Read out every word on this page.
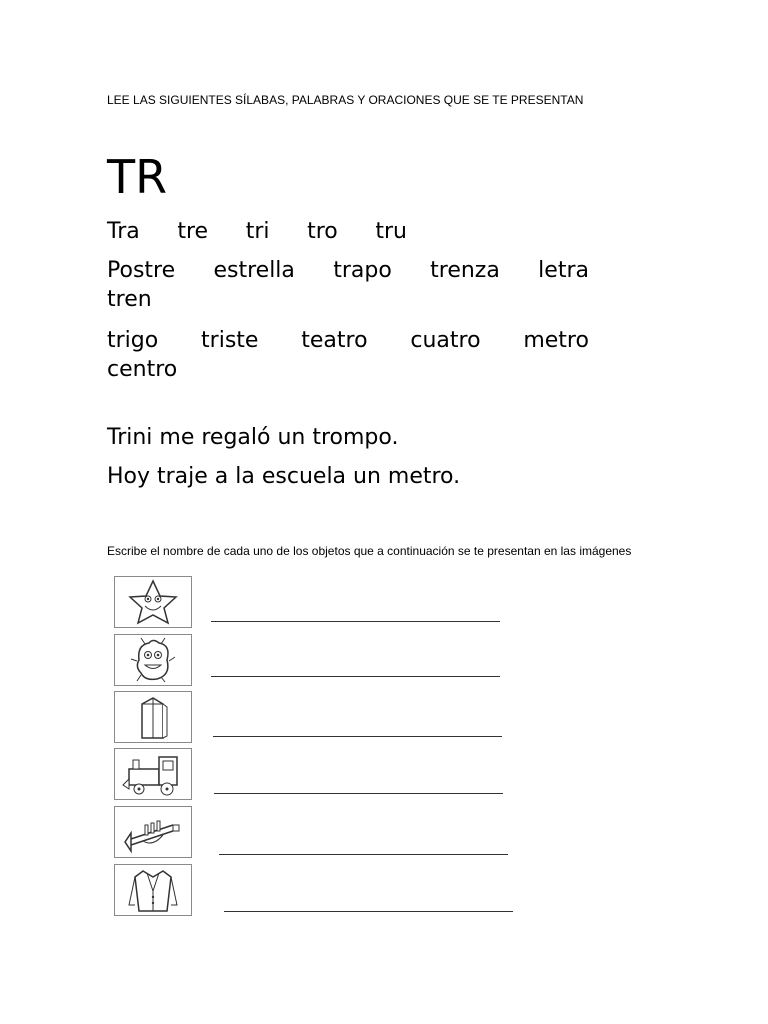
LEE LAS SIGUIENTES SÍLABAS, PALABRAS Y ORACIONES QUE SE TE PRESENTAN
TR
Tra tre tri tro tru
Postre estrella trapo trenza letra
tren
trigo triste teatro cuatro metro
centro
Trini me regaló un trompo.
Hoy traje a la escuela un metro.
Escribe el nombre de cada uno de los objetos que a continuación se te presentan en las imágenes
